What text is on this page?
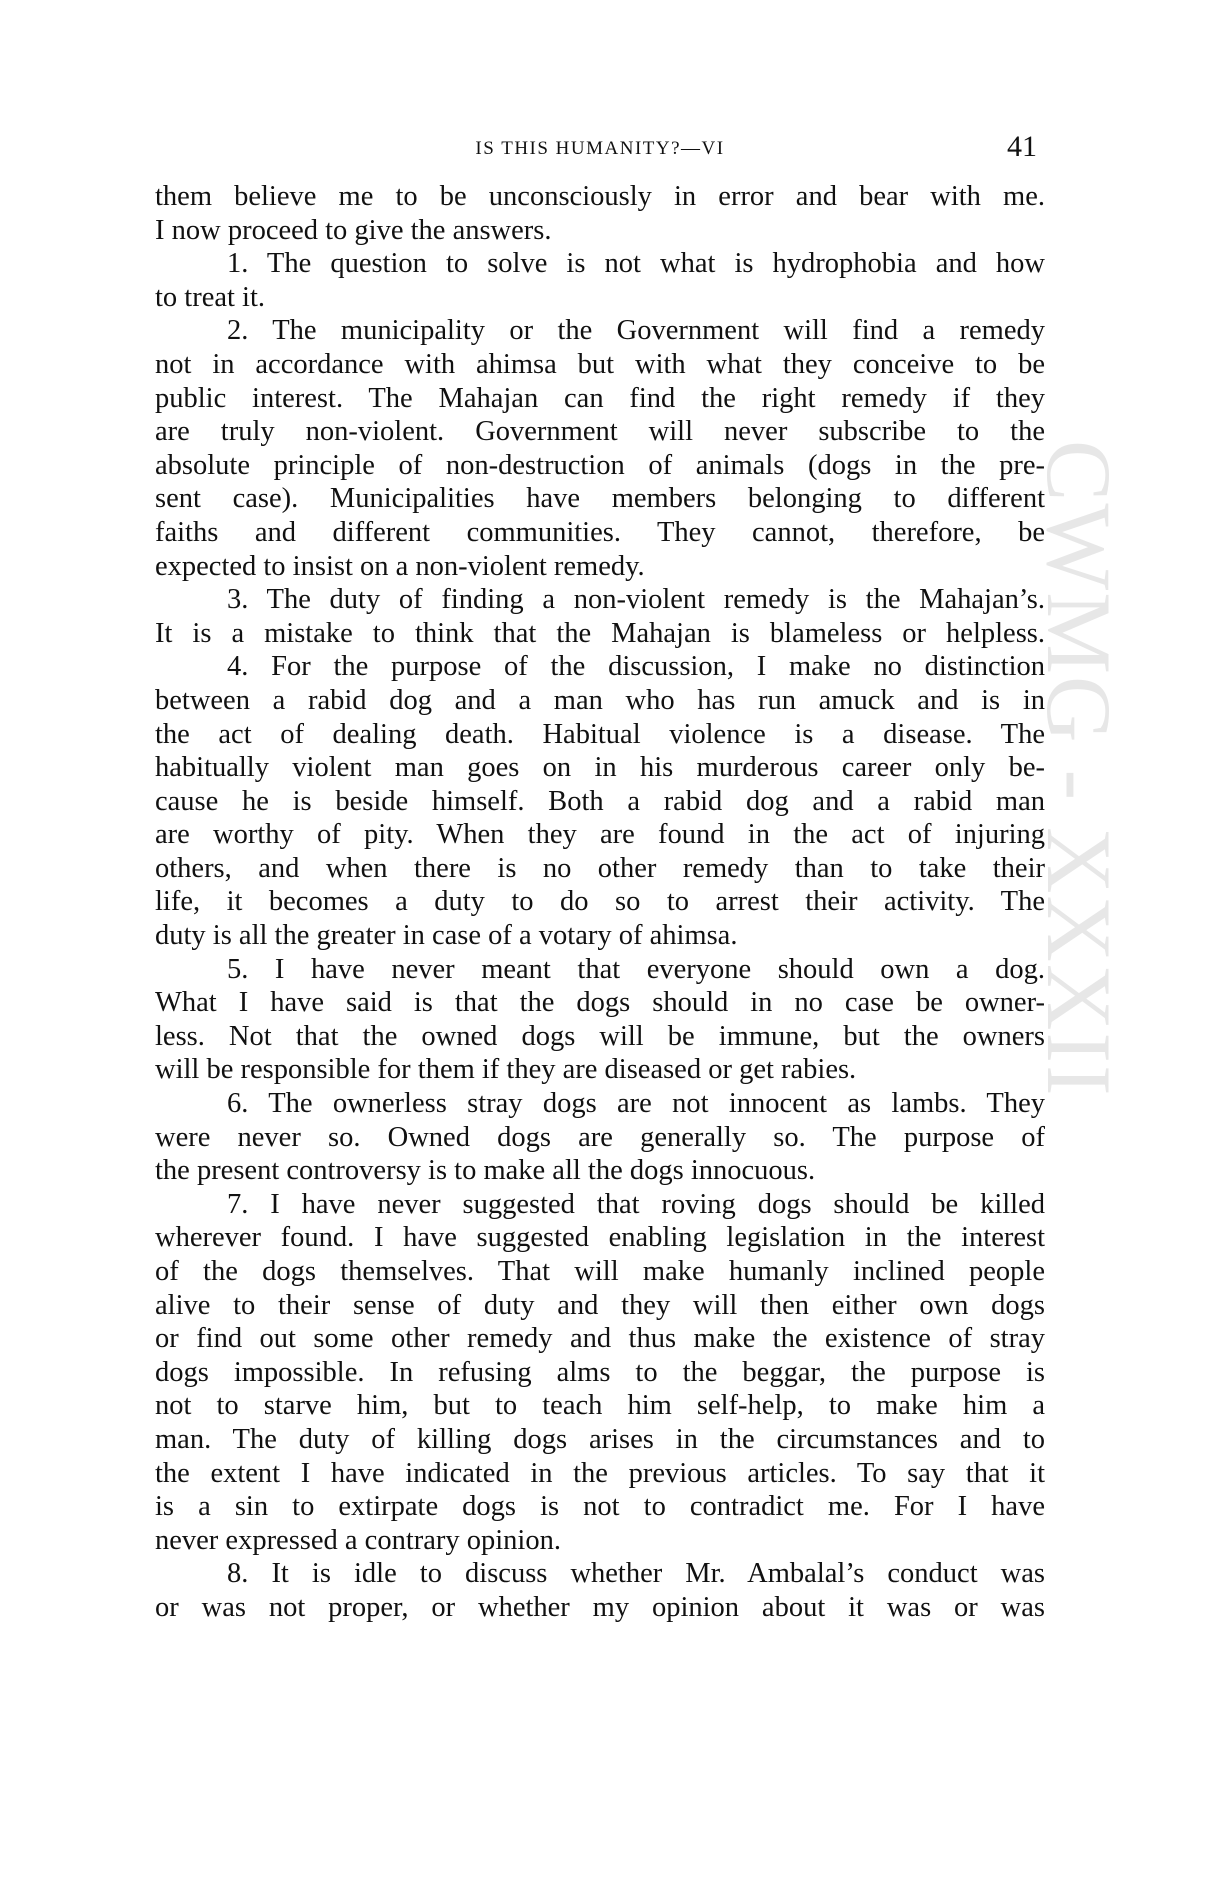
CWMG - XXXII
IS THIS HUMANITY?—VI	41
them believe me to be unconsciously in error and bear with me.
I now proceed to give the answers.
1. The question to solve is not what is hydrophobia and how
to treat it.
2. The municipality or the Government will find a remedy
not in accordance with ahimsa but with what they conceive to be
public interest. The Mahajan can find the right remedy if they
are truly non-violent. Government will never subscribe to the
absolute principle of non-destruction of animals (dogs in the pre-
sent case). Municipalities have members belonging to different
faiths and different communities. They cannot, therefore, be
expected to insist on a non-violent remedy.
3. The duty of finding a non-violent remedy is the Mahajan’s.
It is a mistake to think that the Mahajan is blameless or helpless.
4. For the purpose of the discussion, I make no distinction
between a rabid dog and a man who has run amuck and is in
the act of dealing death. Habitual violence is a disease. The
habitually violent man goes on in his murderous career only be-
cause he is beside himself. Both a rabid dog and a rabid man
are worthy of pity. When they are found in the act of injuring
others, and when there is no other remedy than to take their
life, it becomes a duty to do so to arrest their activity. The
duty is all the greater in case of a votary of ahimsa.
5. I have never meant that everyone should own a dog.
What I have said is that the dogs should in no case be owner-
less. Not that the owned dogs will be immune, but the owners
will be responsible for them if they are diseased or get rabies.
6. The ownerless stray dogs are not innocent as lambs. They
were never so. Owned dogs are generally so. The purpose of
the present controversy is to make all the dogs innocuous.
7. I have never suggested that roving dogs should be killed
wherever found. I have suggested enabling legislation in the interest
of the dogs themselves. That will make humanly inclined people
alive to their sense of duty and they will then either own dogs
or find out some other remedy and thus make the existence of stray
dogs impossible. In refusing alms to the beggar, the purpose is
not to starve him, but to teach him self-help, to make him a
man. The duty of killing dogs arises in the circumstances and to
the extent I have indicated in the previous articles. To say that it
is a sin to extirpate dogs is not to contradict me. For I have
never expressed a contrary opinion.
8. It is idle to discuss whether Mr. Ambalal’s conduct was
or was not proper, or whether my opinion about it was or was
